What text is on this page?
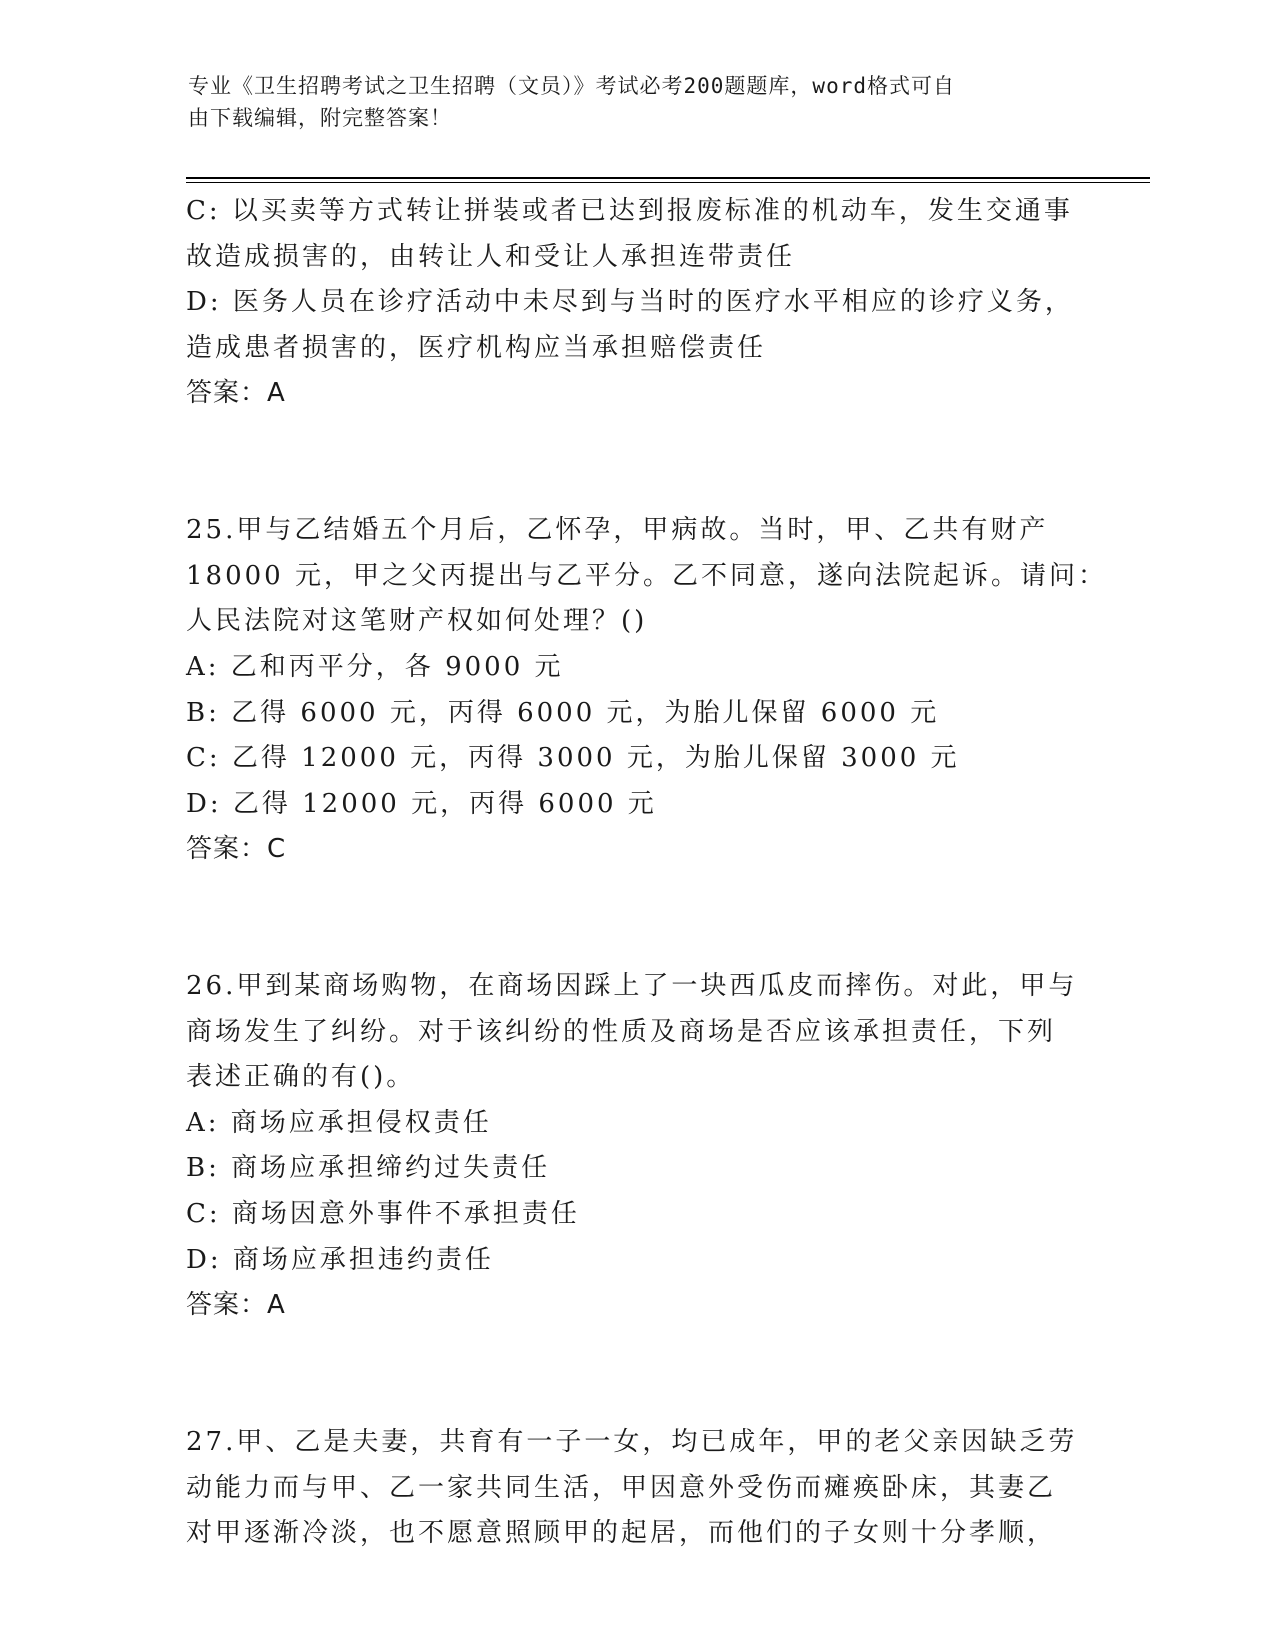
专业《卫生招聘考试之卫生招聘（文员）》考试必考200题题库，word格式可自
由下载编辑，附完整答案！
C: 以买卖等方式转让拼装或者已达到报废标准的机动车，发生交通事
故造成损害的，由转让人和受让人承担连带责任
D: 医务人员在诊疗活动中未尽到与当时的医疗水平相应的诊疗义务，
造成患者损害的，医疗机构应当承担赔偿责任
答案：A
25.甲与乙结婚五个月后，乙怀孕，甲病故。当时，甲、乙共有财产
18000 元，甲之父丙提出与乙平分。乙不同意，遂向法院起诉。请问：
人民法院对这笔财产权如何处理？()
A: 乙和丙平分，各 9000 元
B: 乙得 6000 元，丙得 6000 元，为胎儿保留 6000 元
C: 乙得 12000 元，丙得 3000 元，为胎儿保留 3000 元
D: 乙得 12000 元，丙得 6000 元
答案：C
26.甲到某商场购物，在商场因踩上了一块西瓜皮而摔伤。对此，甲与
商场发生了纠纷。对于该纠纷的性质及商场是否应该承担责任，下列
表述正确的有()。
A: 商场应承担侵权责任
B: 商场应承担缔约过失责任
C: 商场因意外事件不承担责任
D: 商场应承担违约责任
答案：A
27.甲、乙是夫妻，共育有一子一女，均已成年，甲的老父亲因缺乏劳
动能力而与甲、乙一家共同生活，甲因意外受伤而瘫痪卧床，其妻乙
对甲逐渐冷淡，也不愿意照顾甲的起居，而他们的子女则十分孝顺，
